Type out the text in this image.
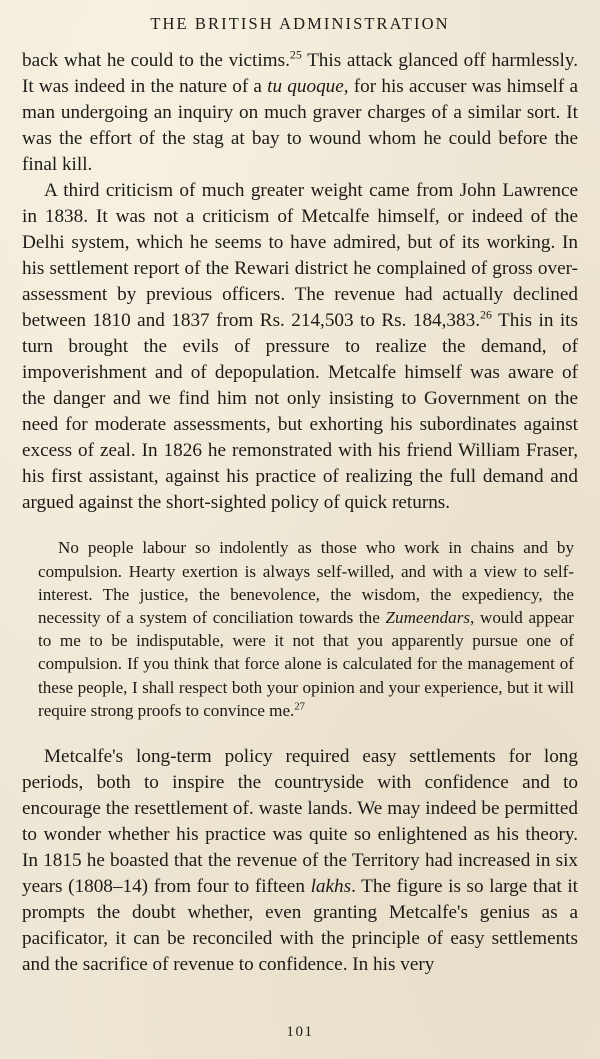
THE BRITISH ADMINISTRATION

back what he could to the victims.$^{25}$ This attack glanced off harmlessly. It was indeed in the nature of a tu quoque, for his accuser was himself a man undergoing an inquiry on much graver charges of a similar sort. It was the effort of the stag at bay to wound whom he could before the final kill.

A third criticism of much greater weight came from John Lawrence in 1838. It was not a criticism of Metcalfe himself, or indeed of the Delhi system, which he seems to have admired, but of its working. In his settlement report of the Rewari district he complained of gross over-assessment by previous officers. The revenue had actually declined between 1810 and 1837 from Rs. 214,503 to Rs. 184,383.26 This in its turn brought the evils of pressure to realize the demand, of impoverishment and of depopulation. Metcalfe himself was aware of the danger and we find him not only insisting to Government on the need for moderate assessments, but exhorting his subordinates against excess of zeal. In 1826 he remonstrated with his friend William Fraser, his first assistant, against his practice of realizing the full demand and argued against the short-sighted policy of quick returns.

No people labour so indolently as those who work in chains and by compulsion. Hearty exertion is always self-willed, and with a view to self-interest. The justice, the benevolence, the wisdom, the expediency, the necessity of a system of conciliation towards the Zumeendars, would appear to me to be indisputable, were it not that you apparently pursue one of compulsion. If you think that force alone is calculated for the management of these people, I shall respect both your opinion and your experience, but it will require strong proofs to convince me.$^{27}$

Metcalfe's long-term policy required easy settlements for long periods, both to inspire the countryside with confidence and to encourage the resettlement of. waste lands. We may indeed be permitted to wonder whether his practice was quite so enlightened as his theory. In 1815 he boasted that the revenue of the Territory had increased in six years (1808–14) from four to fifteen lakhs. The figure is so large that it prompts the doubt whether, even granting Metcalfe's genius as a pacificator, it can be reconciled with the principle of easy settlements and the sacrifice of revenue to confidence. In his very

101
